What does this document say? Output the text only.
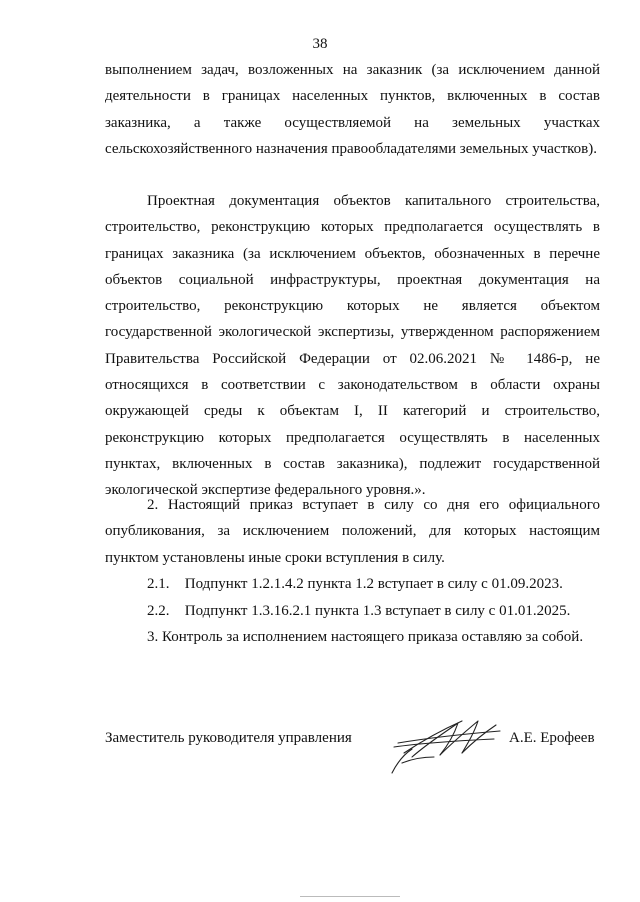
38

выполнением задач, возложенных на заказник (за исключением данной деятельности в границах населенных пунктов, включенных в состав заказника, а также осуществляемой на земельных участках сельскохозяйственного назначения правообладателями земельных участков).

Проектная документация объектов капитального строительства, строительство, реконструкцию которых предполагается осуществлять в границах заказника (за исключением объектов, обозначенных в перечне объектов социальной инфраструктуры, проектная документация на строительство, реконструкцию которых не является объектом государственной экологической экспертизы, утвержденном распоряжением Правительства Российской Федерации от 02.06.2021 № 1486-р, не относящихся в соответствии с законодательством в области охраны окружающей среды к объектам I, II категорий и строительство, реконструкцию которых предполагается осуществлять в населенных пунктах, включенных в состав заказника), подлежит государственной экологической экспертизе федерального уровня.».

2. Настоящий приказ вступает в силу со дня его официального опубликования, за исключением положений, для которых настоящим пунктом установлены иные сроки вступления в силу.

2.1. Подпункт 1.2.1.4.2 пункта 1.2 вступает в силу с 01.09.2023.
2.2. Подпункт 1.3.16.2.1 пункта 1.3 вступает в силу с 01.01.2025.

3. Контроль за исполнением настоящего приказа оставляю за собой.

Заместитель руководителя управления	А.Е. Ерофеев
